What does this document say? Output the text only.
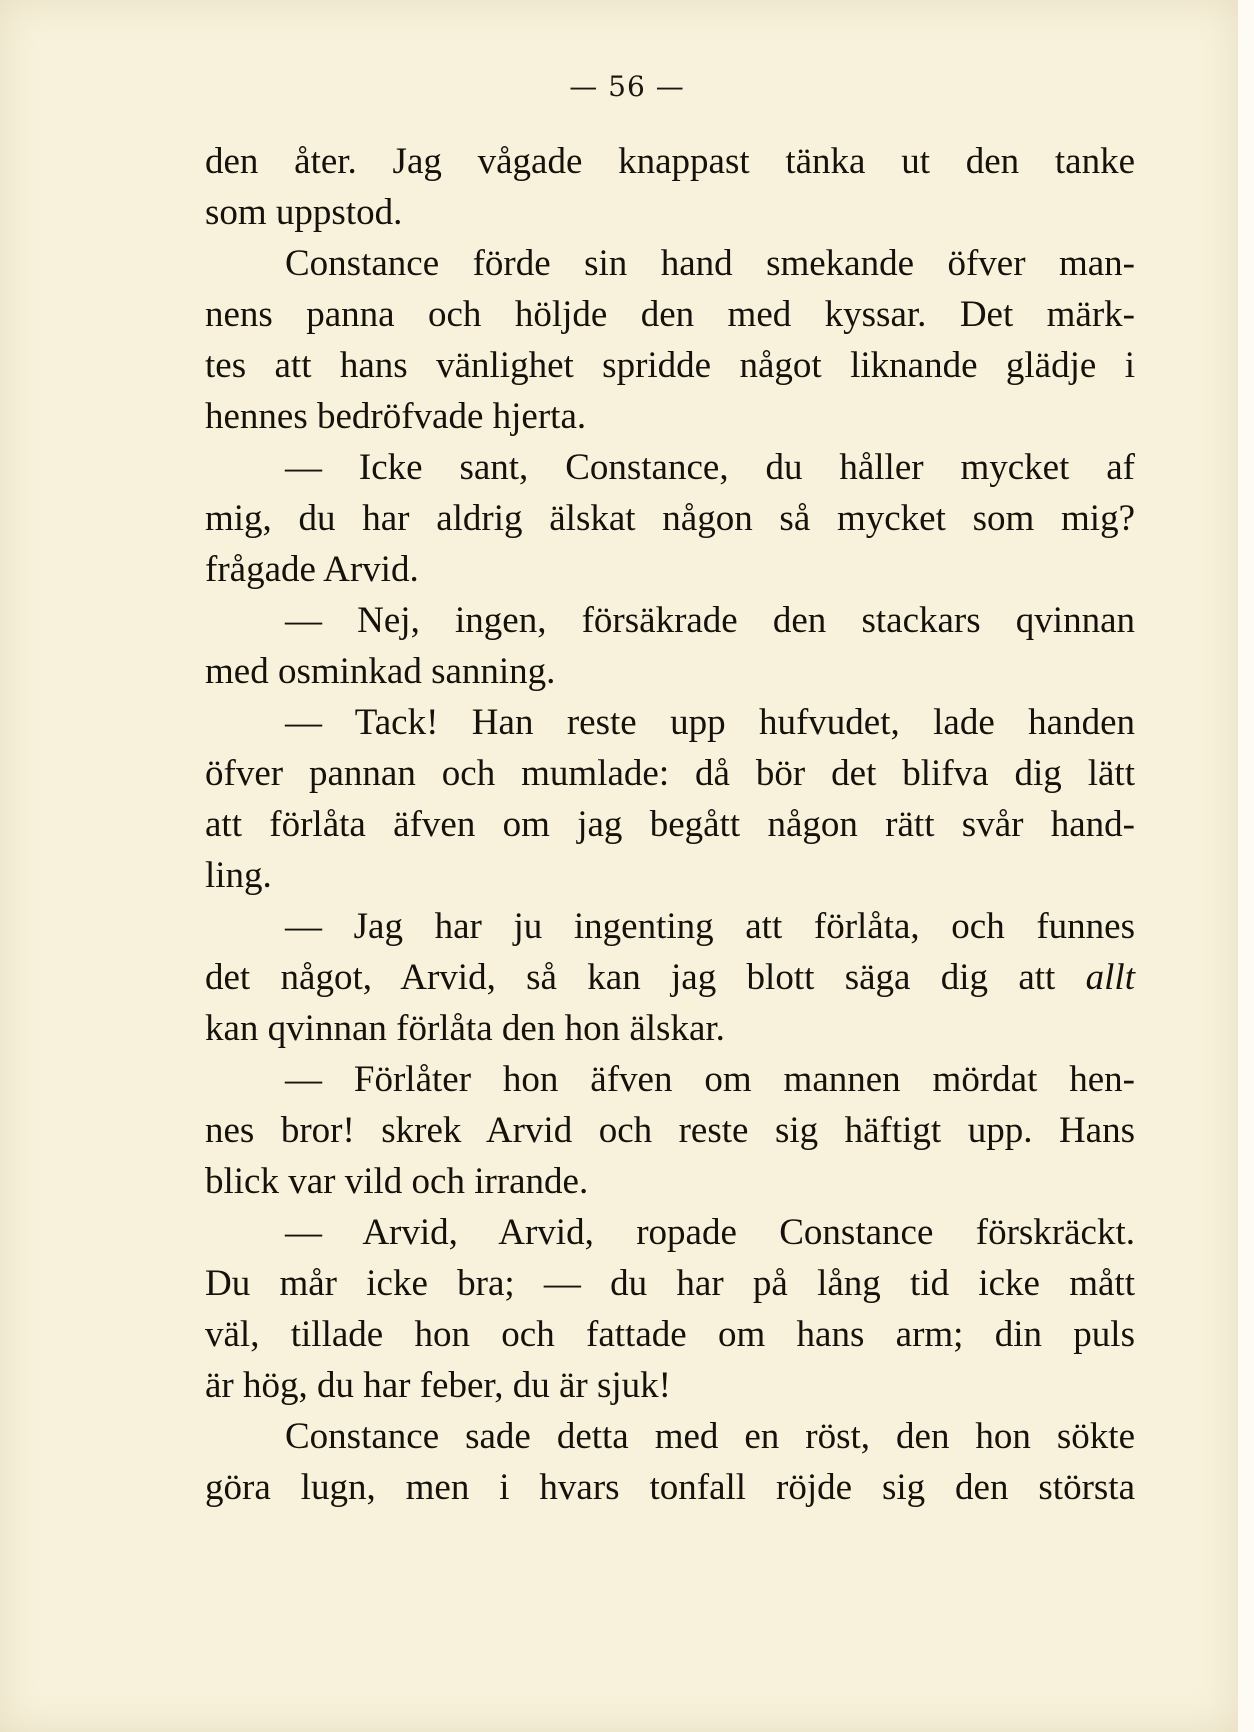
— 56 —
den åter. Jag vågade knappast tänka ut den tanke
som uppstod.
Constance förde sin hand smekande öfver man-
nens panna och höljde den med kyssar. Det märk-
tes att hans vänlighet spridde något liknande glädje i
hennes bedröfvade hjerta.
— Icke sant, Constance, du håller mycket af
mig, du har aldrig älskat någon så mycket som mig?
frågade Arvid.
— Nej, ingen, försäkrade den stackars qvinnan
med osminkad sanning.
— Tack! Han reste upp hufvudet, lade handen
öfver pannan och mumlade: då bör det blifva dig lätt
att förlåta äfven om jag begått någon rätt svår hand-
ling.
— Jag har ju ingenting att förlåta, och funnes
det något, Arvid, så kan jag blott säga dig att allt
kan qvinnan förlåta den hon älskar.
— Förlåter hon äfven om mannen mördat hen-
nes bror! skrek Arvid och reste sig häftigt upp. Hans
blick var vild och irrande.
— Arvid, Arvid, ropade Constance förskräckt.
Du mår icke bra; — du har på lång tid icke mått
väl, tillade hon och fattade om hans arm; din puls
är hög, du har feber, du är sjuk!
Constance sade detta med en röst, den hon sökte
göra lugn, men i hvars tonfall röjde sig den största
